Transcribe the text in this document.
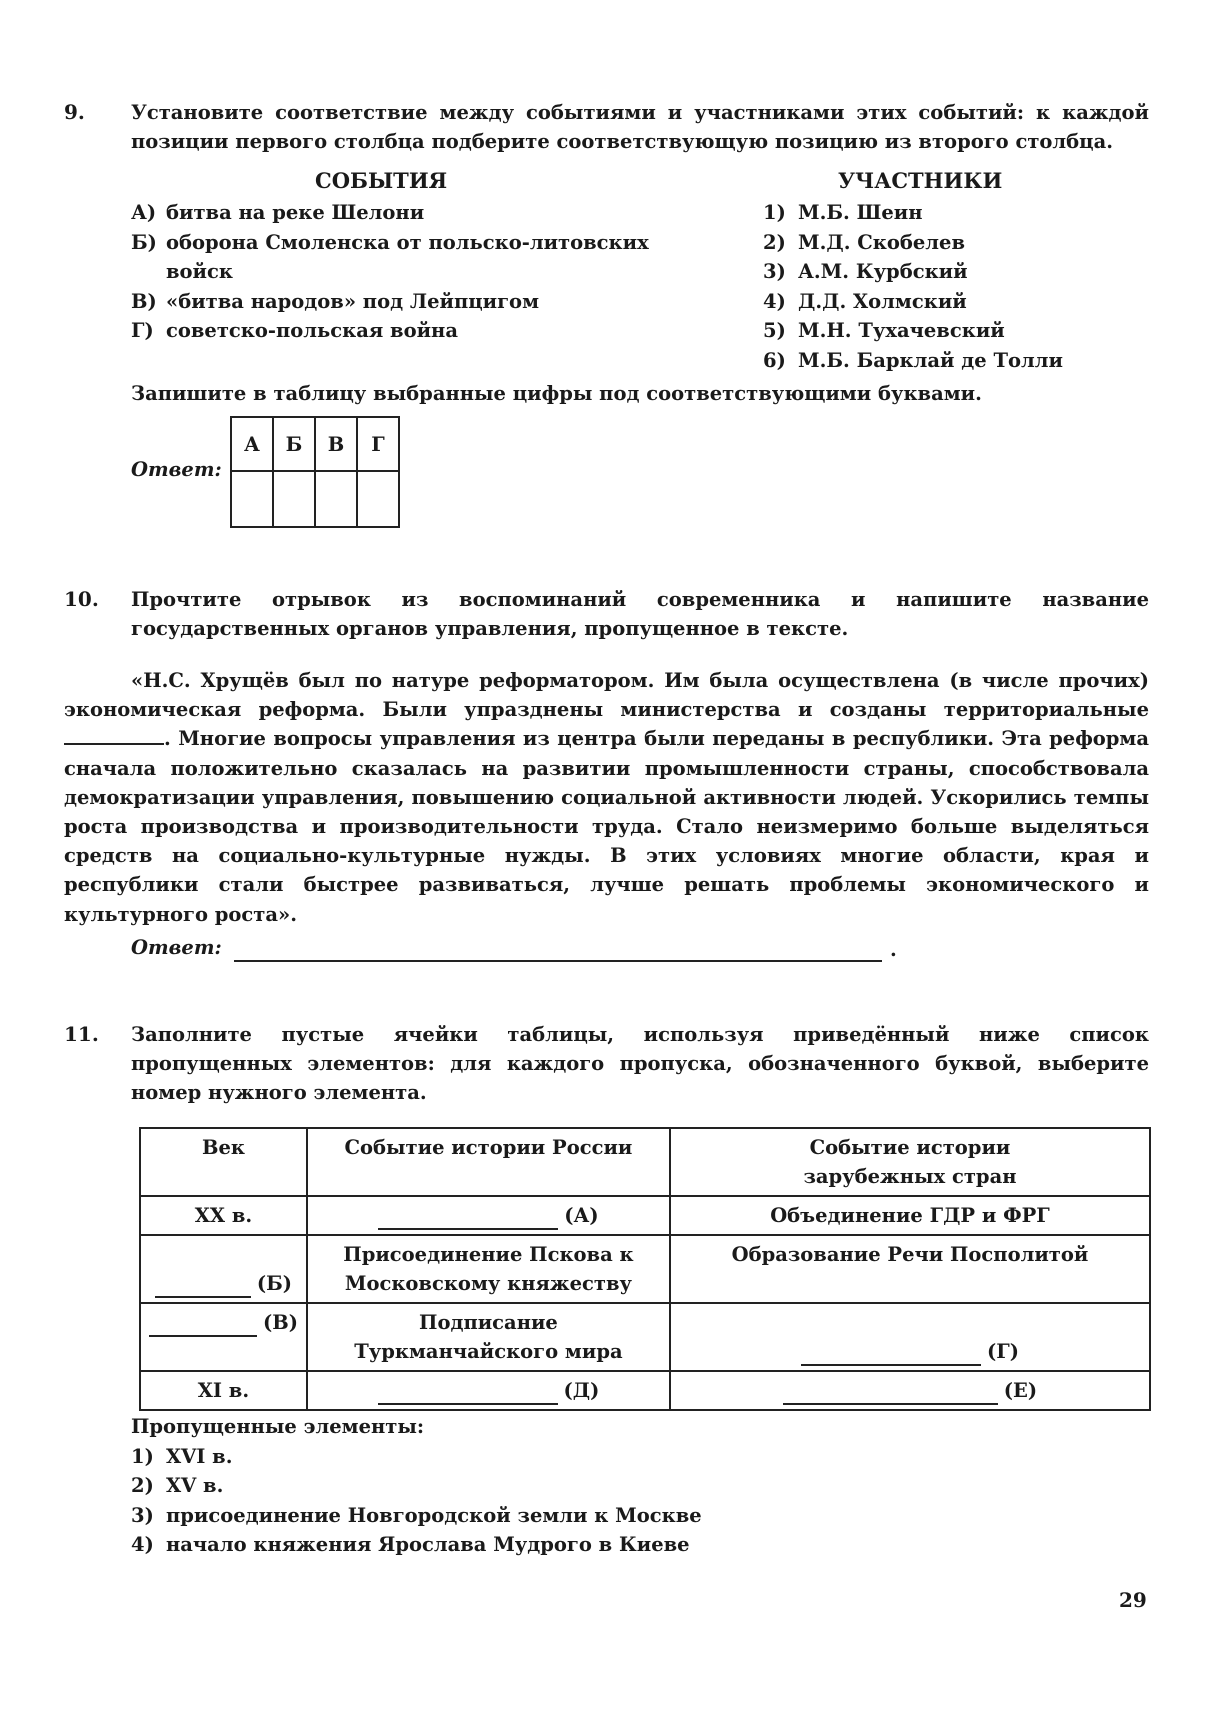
9. Установите соответствие между событиями и участниками этих событий: к каждой позиции первого столбца подберите соответствующую позицию из второго столбца.
СОБЫТИЯ	УЧАСТНИКИ
А) битва на реке Шелони
Б) оборона Смоленска от польско-литовских войск
В) «битва народов» под Лейпцигом
Г) советско-польская война
1) М.Б. Шеин
2) М.Д. Скобелев
3) А.М. Курбский
4) Д.Д. Холмский
5) М.Н. Тухачевский
6) М.Б. Барклай де Толли
Запишите в таблицу выбранные цифры под соответствующими буквами.
Ответ:
А	Б	В	Г

10. Прочтите отрывок из воспоминаний современника и напишите название государственных органов управления, пропущенное в тексте.
«Н.С. Хрущёв был по натуре реформатором. Им была осуществлена (в числе прочих) экономическая реформа. Были упразднены министерства и созданы территориальные . Многие вопросы управления из центра были переданы в республики. Эта реформа сначала положительно сказалась на развитии промышленности страны, способствовала демократизации управления, повышению социальной активности людей. Ускорились темпы роста производства и производительности труда. Стало неизмеримо больше выделяться средств на социально-культурные нужды. В этих условиях многие области, края и республики стали быстрее развиваться, лучше решать проблемы экономического и культурного роста».
Ответ:	.
11. Заполните пустые ячейки таблицы, используя приведённый ниже список пропущенных элементов: для каждого пропуска, обозначенного буквой, выберите номер нужного элемента.
Век	Событие истории России	Событие истории зарубежных стран
XX в.	(А)	Объединение ГДР и ФРГ

(Б)	Присоединение Пскова к Московскому княжеству	Образование Речи Посполитой

(В)	Подписание Туркманчайского мира	(Г)

XI в.	(Д)	(Е)
Пропущенные элементы:
1) XVI в.
2) XV в.
3) присоединение Новгородской земли к Москве
4) начало княжения Ярослава Мудрого в Киеве
29
